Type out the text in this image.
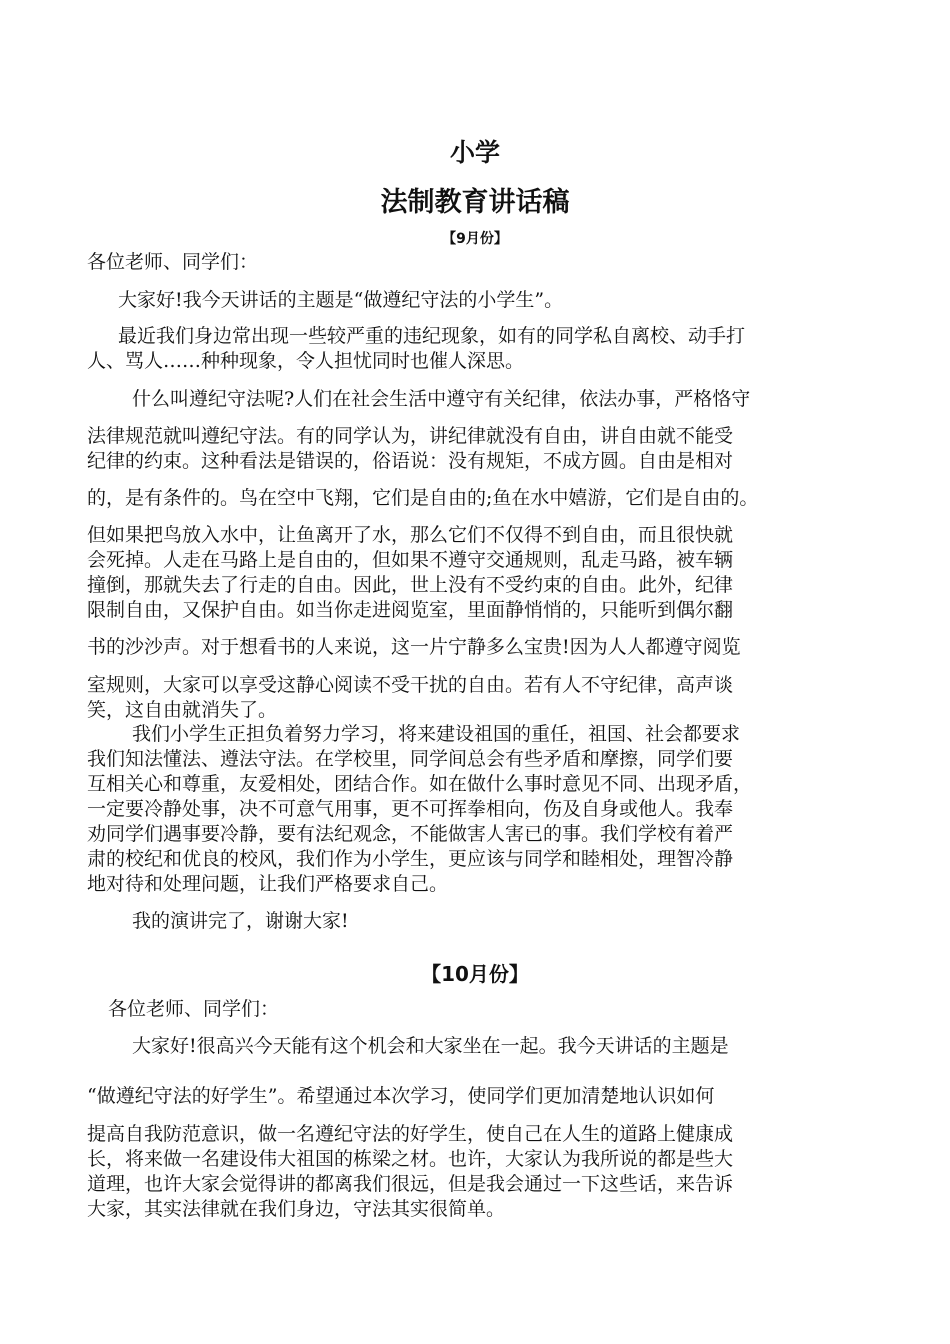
小学
法制教育讲话稿
【9月份】
各位老师、同学们：
大家好!我今天讲话的主题是“做遵纪守法的小学生”。
最近我们身边常出现一些较严重的违纪现象，如有的同学私自离校、动手打
人、骂人……种种现象，令人担忧同时也催人深思。
什么叫遵纪守法呢?人们在社会生活中遵守有关纪律，依法办事，严格恪守
法律规范就叫遵纪守法。有的同学认为，讲纪律就没有自由，讲自由就不能受
纪律的约束。这种看法是错误的，俗语说：没有规矩，不成方圆。自由是相对
的，是有条件的。鸟在空中飞翔，它们是自由的;鱼在水中嬉游，它们是自由的。
但如果把鸟放入水中，让鱼离开了水，那么它们不仅得不到自由，而且很快就
会死掉。人走在马路上是自由的，但如果不遵守交通规则，乱走马路，被车辆
撞倒，那就失去了行走的自由。因此，世上没有不受约束的自由。此外，纪律
限制自由，又保护自由。如当你走进阅览室，里面静悄悄的，只能听到偶尔翻
书的沙沙声。对于想看书的人来说，这一片宁静多么宝贵!因为人人都遵守阅览
室规则，大家可以享受这静心阅读不受干扰的自由。若有人不守纪律，高声谈
笑，这自由就消失了。
我们小学生正担负着努力学习，将来建设祖国的重任，祖国、社会都要求
我们知法懂法、遵法守法。在学校里，同学间总会有些矛盾和摩擦，同学们要
互相关心和尊重，友爱相处，团结合作。如在做什么事时意见不同、出现矛盾，
一定要冷静处事，决不可意气用事，更不可挥拳相向，伤及自身或他人。我奉
劝同学们遇事要冷静，要有法纪观念，不能做害人害已的事。我们学校有着严
肃的校纪和优良的校风，我们作为小学生，更应该与同学和睦相处，理智冷静
地对待和处理问题，让我们严格要求自己。
我的演讲完了，谢谢大家!
【10月份】
各位老师、同学们：
大家好!很高兴今天能有这个机会和大家坐在一起。我今天讲话的主题是
“做遵纪守法的好学生”。希望通过本次学习，使同学们更加清楚地认识如何
提高自我防范意识，做一名遵纪守法的好学生，使自己在人生的道路上健康成
长，将来做一名建设伟大祖国的栋梁之材。也许，大家认为我所说的都是些大
道理，也许大家会觉得讲的都离我们很远，但是我会通过一下这些话，来告诉
大家，其实法律就在我们身边，守法其实很简单。
